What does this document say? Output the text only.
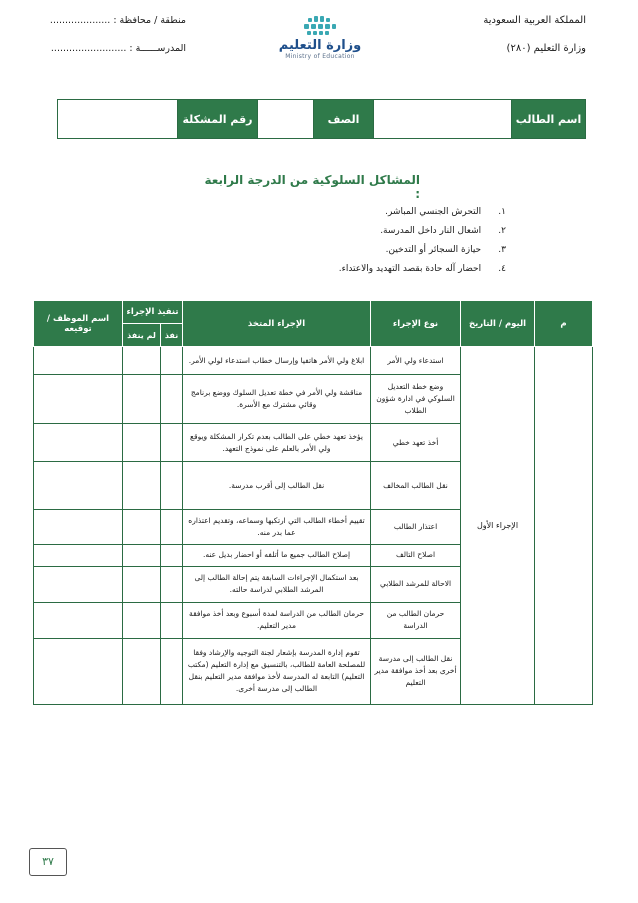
المملكة العربية السعودية
وزارة التعليم (٢٨٠)
منطقة / محافظة : ....................
المدرســــــة : .........................	وزارة التعليم
Ministry of Education
اسم الطالب		الصف		رقم المشكلة	
المشاكل السلوكية من الدرجة الرابعة :
١. التحرش الجنسي المباشر.
٢. اشعال النار داخل المدرسة.
٣. حيازة السجائر أو التدخين.
٤. احضار آله حادة بقصد التهديد والاعتداء.
م	اليوم / التاريخ	نوع الإجراء	الإجراء المتخذ	تنفيذ الإجراء		اسم الموظف / توقيعه
				نفذ	لم ينفذ	
	الإجراء الأول	استدعاء ولي الأمر	ابلاغ ولي الأمر هاتفيا وإرسال خطاب استدعاء لولي الأمر.			
		وضع خطة التعديل السلوكي في ادارة شؤون الطلاب	مناقشة ولي الأمر في خطة تعديل السلوك ووضع برنامج وقائي مشترك مع الأسرة.			
		أخذ تعهد خطي	يؤخذ تعهد خطي على الطالب بعدم تكرار المشكلة ويوقع ولي الأمر بالعلم على نموذج التعهد.			
		نقل الطالب المخالف	نقل الطالب إلى أقرب مدرسة.			
		اعتذار الطالب	تقييم أخطاء الطالب التي ارتكبها وسماعه، وتقديم اعتذاره عما بدر منه.			
		اصلاح التالف	إصلاح الطالب جميع ما أتلفه أو احضار بديل عنه.			
		الاحالة للمرشد الطلابي	بعد استكمال الإجراءات السابقة يتم إحالة الطالب إلى المرشد الطلابي لدراسة حالته.			
		حرمان الطالب من الدراسة	حرمان الطالب من الدراسة لمدة أسبوع وبعد أخذ موافقة مدير التعليم.			
		نقل الطالب إلى مدرسة أخرى بعد أخذ موافقة مدير التعليم	تقوم إدارة المدرسة بإشعار لجنة التوجيه والإرشاد وفقا للمصلحة العامة للطالب، بالتنسيق مع إدارة التعليم (مكتب التعليم) التابعة له المدرسة لأخذ موافقة مدير التعليم بنقل الطالب إلى مدرسة أخرى.			
٣٧
